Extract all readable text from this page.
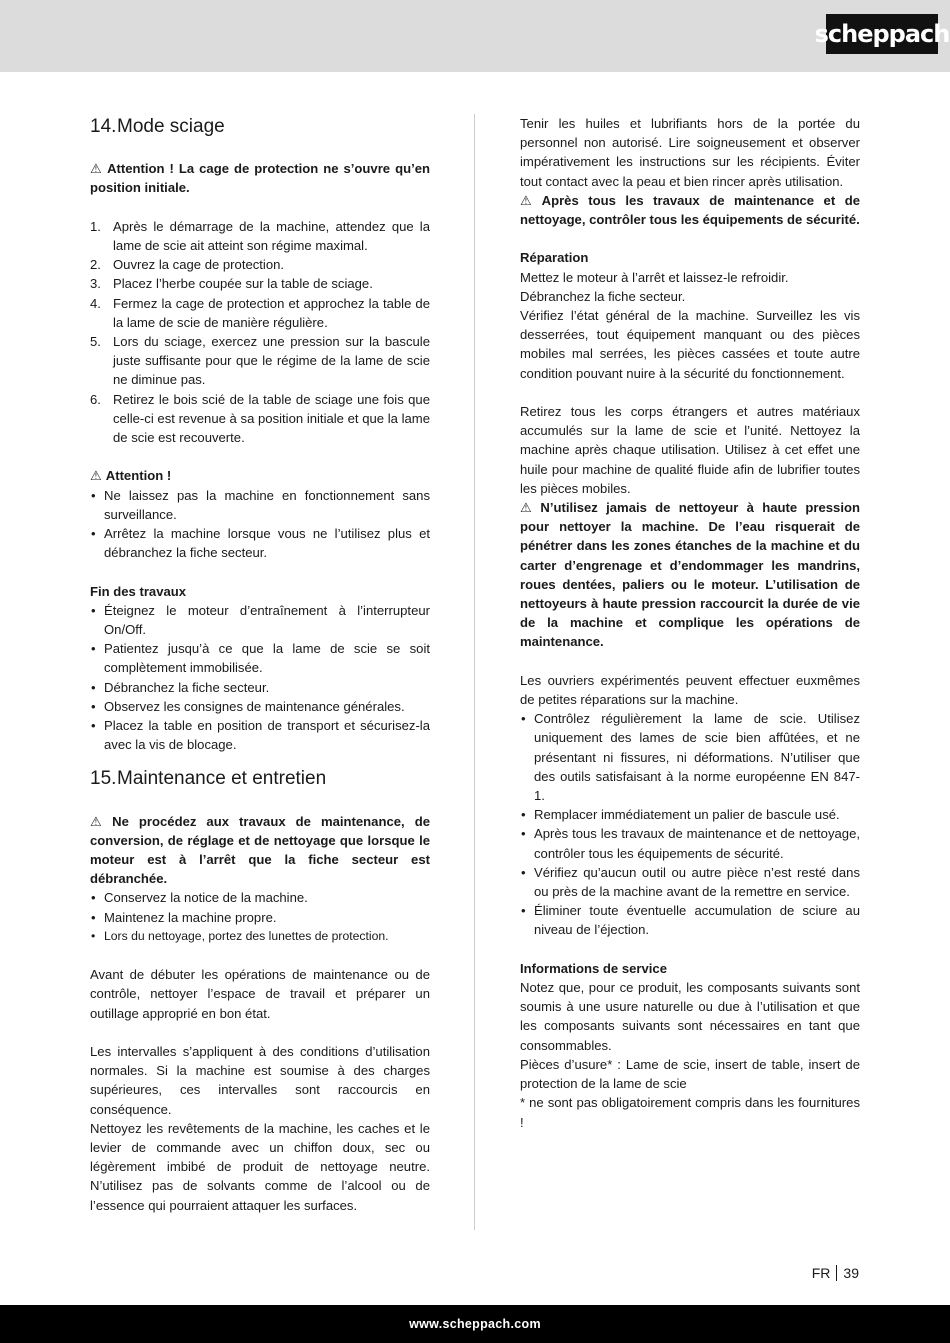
scheppach
14. Mode sciage

⚠ Attention ! La cage de protection ne s’ouvre qu’en position initiale.

1. Après le démarrage de la machine, attendez que la lame de scie ait atteint son régime maximal.
2. Ouvrez la cage de protection.
3. Placez l’herbe coupée sur la table de sciage.
4. Fermez la cage de protection et approchez la table de la lame de scie de manière régulière.
5. Lors du sciage, exercez une pression sur la bascule juste suffisante pour que le régime de la lame de scie ne diminue pas.
6. Retirez le bois scié de la table de sciage une fois que celle-ci est revenue à sa position initiale et que la lame de scie est recouverte.

⚠ Attention !

• Ne laissez pas la machine en fonctionnement sans surveillance.
• Arrêtez la machine lorsque vous ne l’utilisez plus et débranchez la fiche secteur.

Fin des travaux

• Éteignez le moteur d’entraînement à l’interrupteur On/Off.
• Patientez jusqu’à ce que la lame de scie se soit complètement immobilisée.
• Débranchez la fiche secteur.
• Observez les consignes de maintenance générales.
• Placez la table en position de transport et sécurisez-la avec la vis de blocage.
15. Maintenance et entretien

⚠ Ne procédez aux travaux de maintenance, de conversion, de réglage et de nettoyage que lorsque le moteur est à l’arrêt que la fiche secteur est débranchée.

• Conservez la notice de la machine.
• Maintenez la machine propre.
• Lors du nettoyage, portez des lunettes de protection.

Avant de débuter les opérations de maintenance ou de contrôle, nettoyer l’espace de travail et préparer un outillage approprié en bon état.

Les intervalles s’appliquent à des conditions d’utilisation normales. Si la machine est soumise à des charges supérieures, ces intervalles sont raccourcis en conséquence.

Nettoyez les revêtements de la machine, les caches et le levier de commande avec un chiffon doux, sec ou légèrement imbibé de produit de nettoyage neutre. N’utilisez pas de solvants comme de l’alcool ou de l’essence qui pourraient attaquer les surfaces.

Tenir les huiles et lubrifiants hors de la portée du personnel non autorisé. Lire soigneusement et observer impérativement les instructions sur les récipients. Éviter tout contact avec la peau et bien rincer après utilisation.

⚠ Après tous les travaux de maintenance et de nettoyage, contrôler tous les équipements de sécurité.

Réparation

Mettez le moteur à l’arrêt et laissez-le refroidir.

Débranchez la fiche secteur.

Vérifiez l’état général de la machine. Surveillez les vis desserrées, tout équipement manquant ou des pièces mobiles mal serrées, les pièces cassées et toute autre condition pouvant nuire à la sécurité du fonctionnement.

Retirez tous les corps étrangers et autres matériaux accumulés sur la lame de scie et l’unité. Nettoyez la machine après chaque utilisation. Utilisez à cet effet une huile pour machine de qualité fluide afin de lubrifier toutes les pièces mobiles.

⚠ N’utilisez jamais de nettoyeur à haute pression pour nettoyer la machine. De l’eau risquerait de pénétrer dans les zones étanches de la machine et du carter d’engrenage et d’endommager les mandrins, roues dentées, paliers ou le moteur. L’utilisation de nettoyeurs à haute pression raccourcit la durée de vie de la machine et complique les opérations de maintenance.

Les ouvriers expérimentés peuvent effectuer euxmêmes de petites réparations sur la machine.

• Contrôlez régulièrement la lame de scie. Utilisez uniquement des lames de scie bien affûtées, et ne présentant ni fissures, ni déformations. N’utiliser que des outils satisfaisant à la norme européenne EN 847-1.
• Remplacer immédiatement un palier de bascule usé.
• Après tous les travaux de maintenance et de nettoyage, contrôler tous les équipements de sécurité.
• Vérifiez qu’aucun outil ou autre pièce n’est resté dans ou près de la machine avant de la remettre en service.
• Éliminer toute éventuelle accumulation de sciure au niveau de l’éjection.

Informations de service

Notez que, pour ce produit, les composants suivants sont soumis à une usure naturelle ou due à l’utilisation et que les composants suivants sont nécessaires en tant que consommables.

Pièces d’usure* : Lame de scie, insert de table, insert de protection de la lame de scie

* ne sont pas obligatoirement compris dans les fournitures !

FR 39
www.scheppach.com
